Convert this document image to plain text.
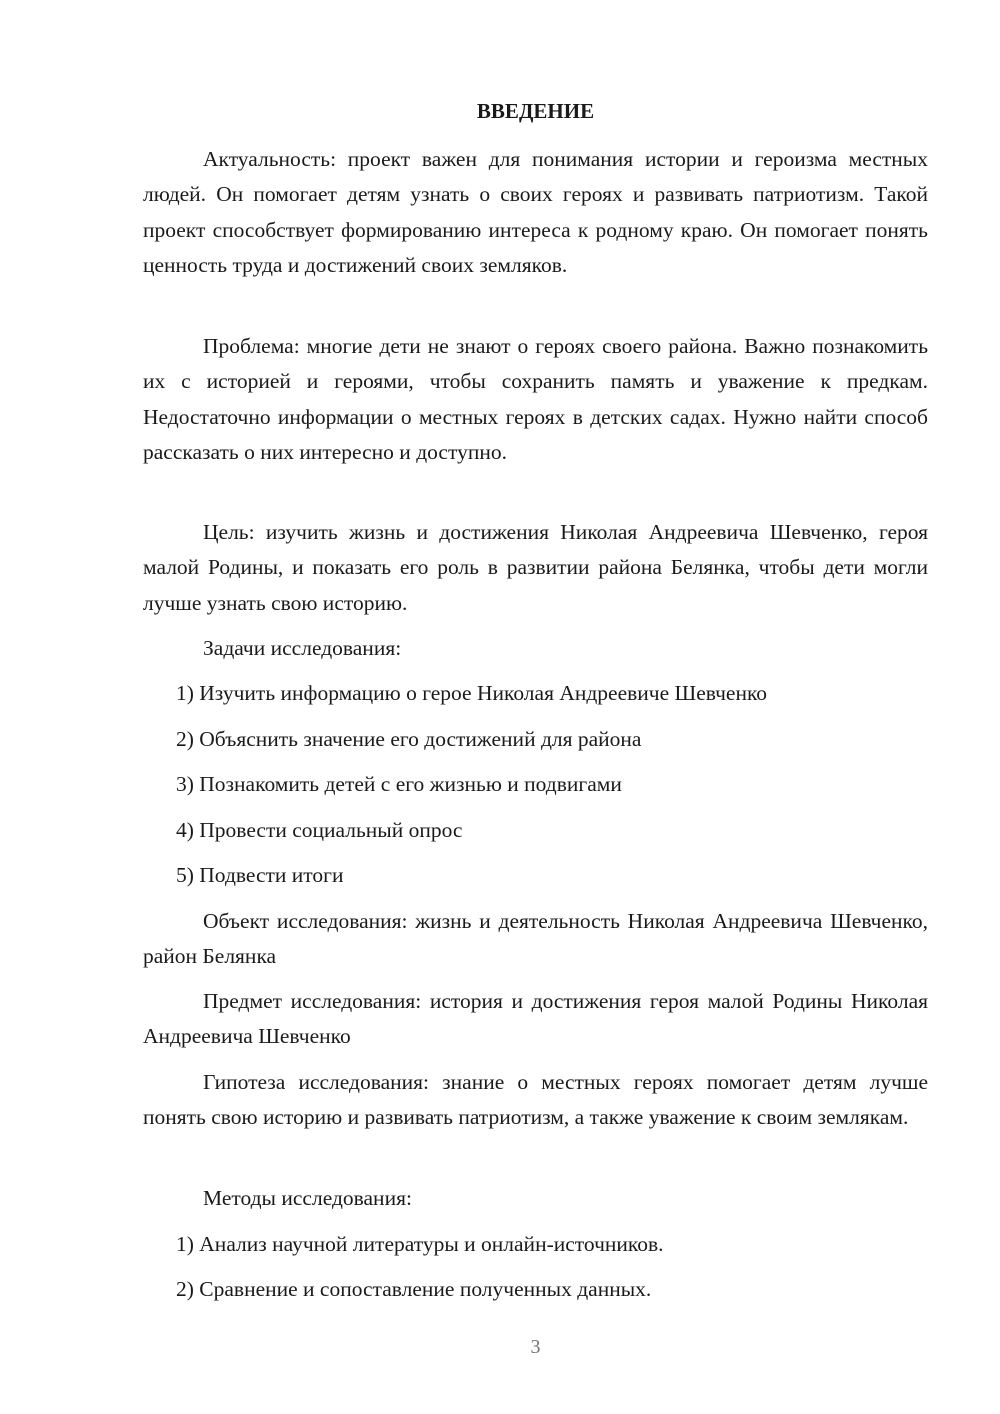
ВВЕДЕНИЕ

Актуальность: проект важен для понимания истории и героизма местных людей. Он помогает детям узнать о своих героях и развивать патриотизм. Такой проект способствует формированию интереса к родному краю. Он помогает понять ценность труда и достижений своих земляков.

Проблема: многие дети не знают о героях своего района. Важно познакомить их с историей и героями, чтобы сохранить память и уважение к предкам. Недостаточно информации о местных героях в детских садах. Нужно найти способ рассказать о них интересно и доступно.

Цель: изучить жизнь и достижения Николая Андреевича Шевченко, героя малой Родины, и показать его роль в развитии района Белянка, чтобы дети могли лучше узнать свою историю.

Задачи исследования:

1) Изучить информацию о герое Николая Андреевиче Шевченко

2) Объяснить значение его достижений для района

3) Познакомить детей с его жизнью и подвигами

4) Провести социальный опрос

5) Подвести итоги

Объект исследования: жизнь и деятельность Николая Андреевича Шевченко, район Белянка

Предмет исследования: история и достижения героя малой Родины Николая Андреевича Шевченко

Гипотеза исследования: знание о местных героях помогает детям лучше понять свою историю и развивать патриотизм, а также уважение к своим землякам.

Методы исследования:

1) Анализ научной литературы и онлайн-источников.

2) Сравнение и сопоставление полученных данных.

3
